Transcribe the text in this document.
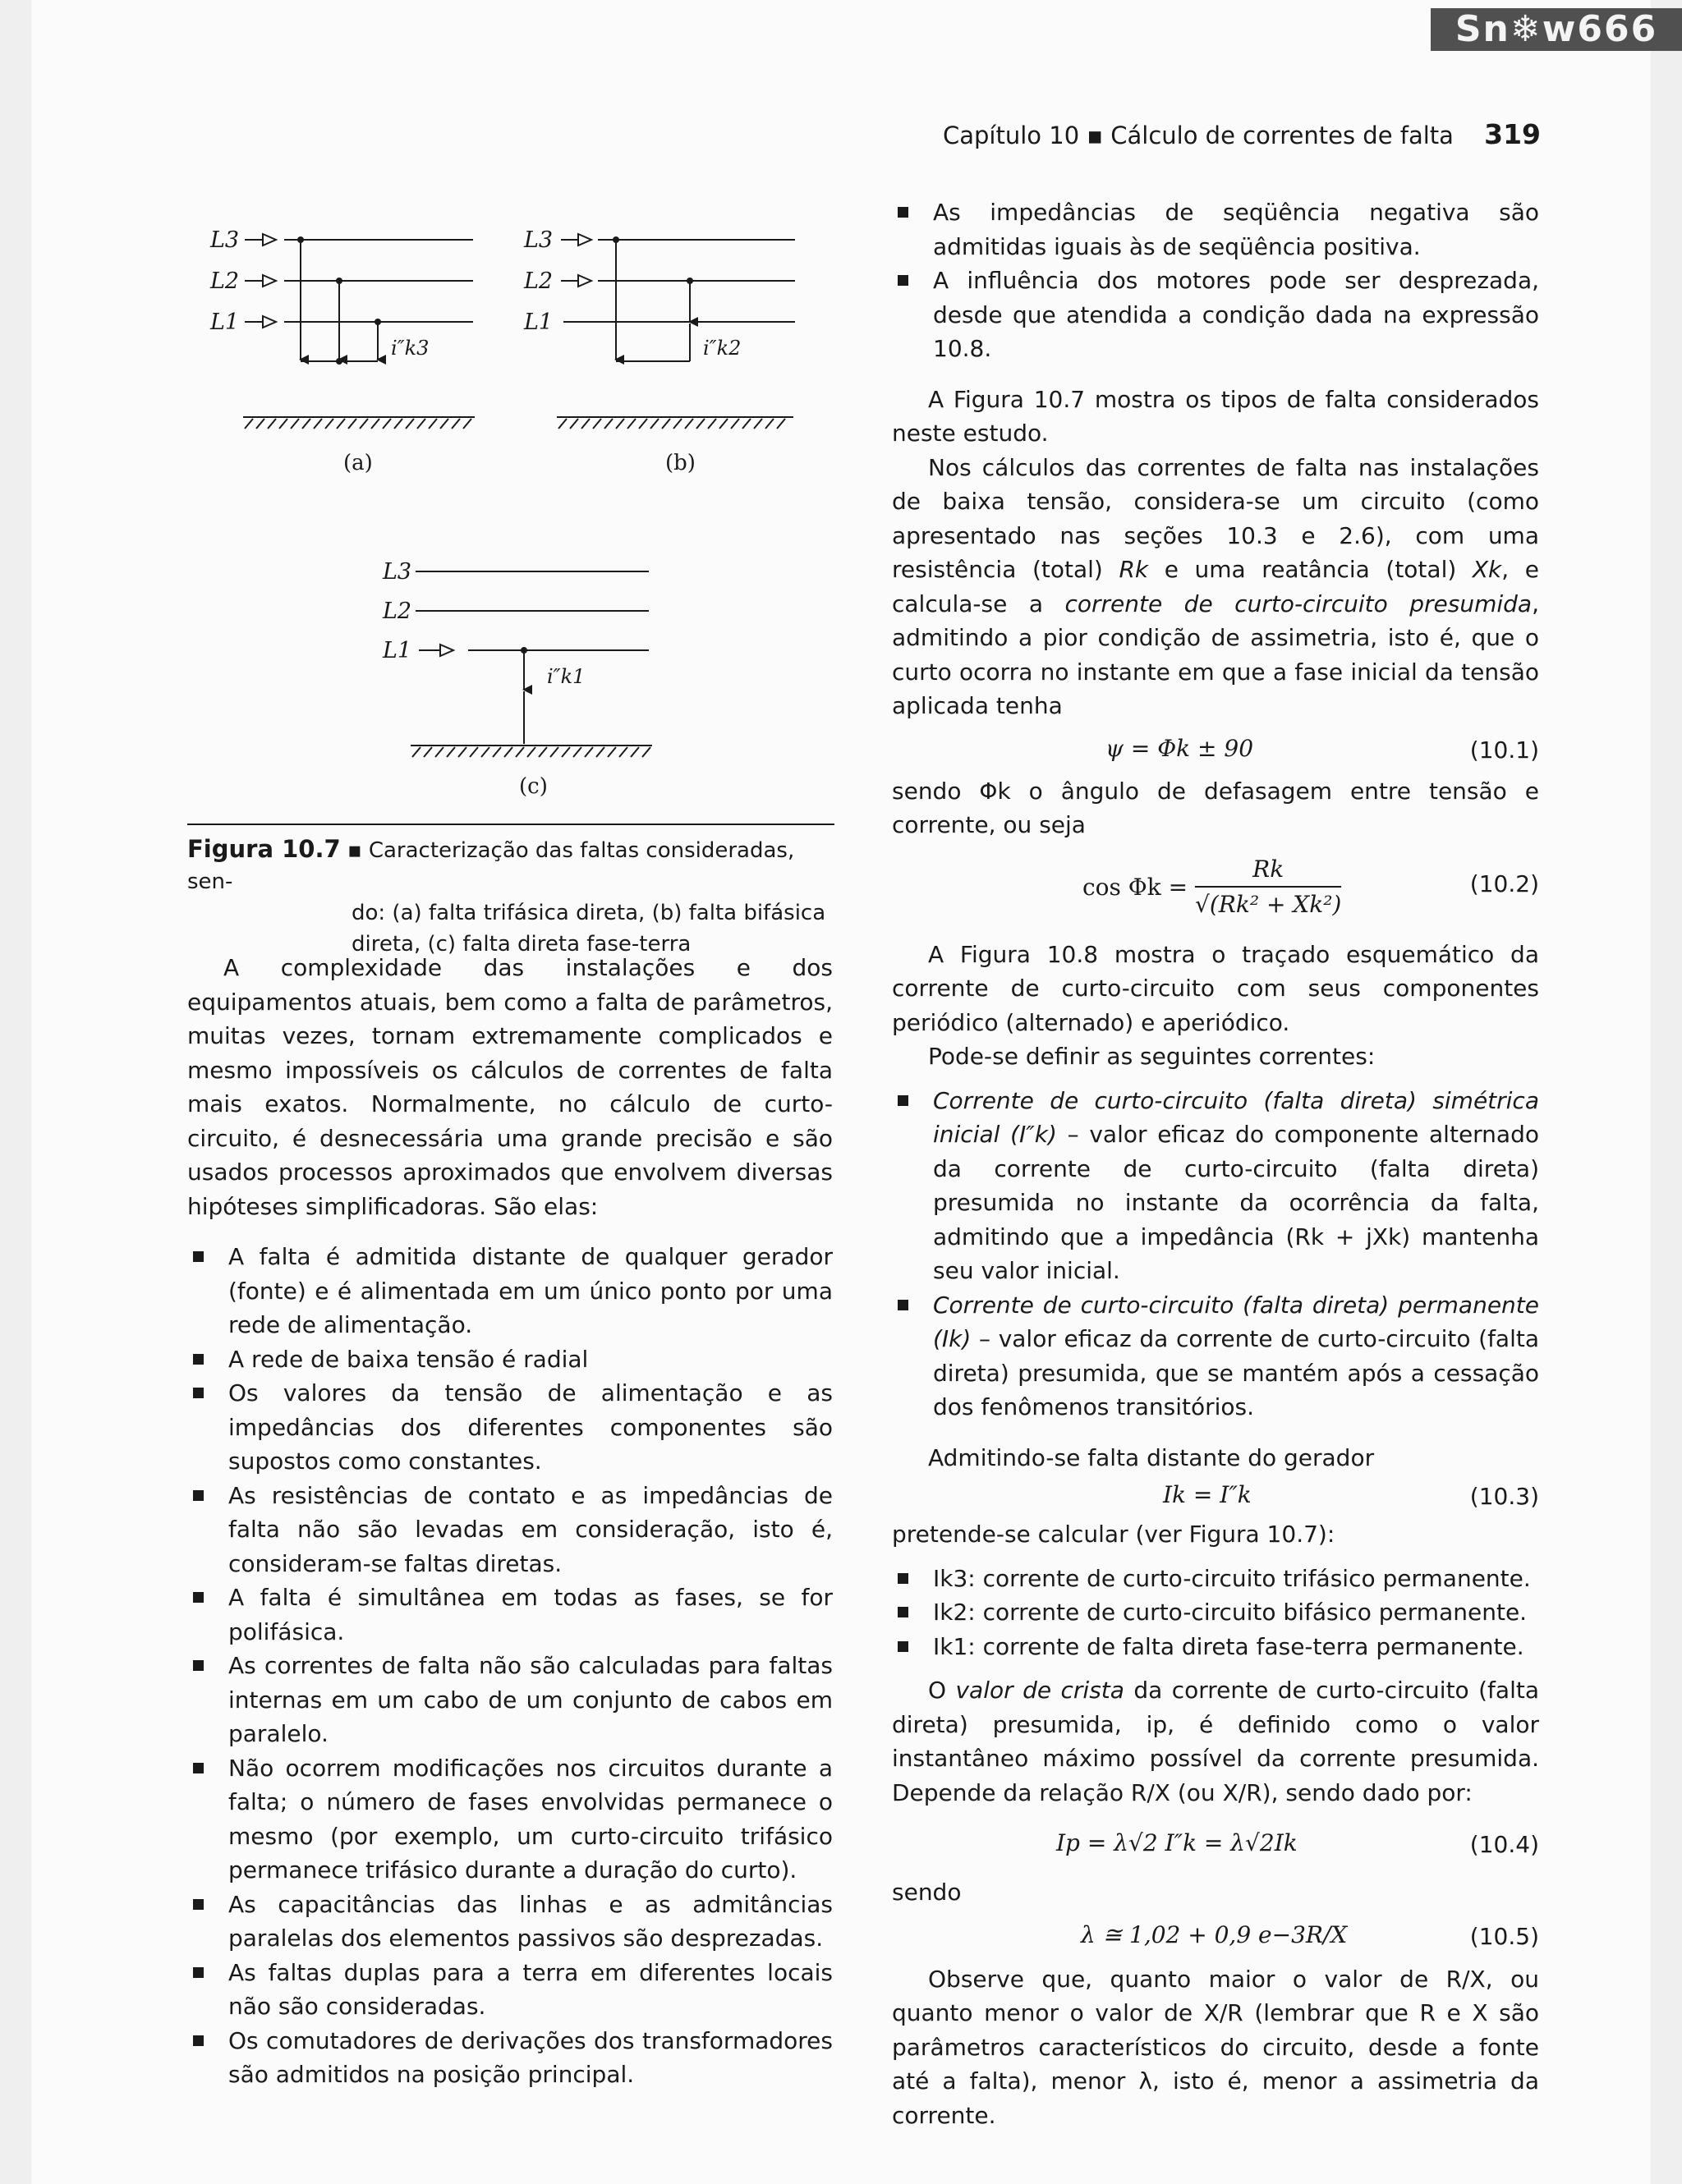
Sn❄w666
Capítulo 10 ▪ Cálculo de correntes de falta 319
L3
L2
L1
i″k3
L3
L2
L1
i″k2
L3
L2
L1
i″k1
(a)	(b)
(c)
Figura 10.7 ▪ Caracterização das faltas consideradas, sen-
do: (a) falta trifásica direta, (b) falta bifásica direta, (c) falta direta fase-terra

A complexidade das instalações e dos equipamentos atuais, bem como a falta de parâmetros, muitas vezes, tornam extremamente complicados e mesmo impossíveis os cálculos de correntes de falta mais exatos. Normalmente, no cálculo de curto-circuito, é desnecessária uma grande precisão e são usados processos aproximados que envolvem diversas hipóteses simplificadoras. São elas:

A falta é admitida distante de qualquer gerador (fonte) e é alimentada em um único ponto por uma rede de alimentação.
A rede de baixa tensão é radial
Os valores da tensão de alimentação e as impedâncias dos diferentes componentes são supostos como constantes.
As resistências de contato e as impedâncias de falta não são levadas em consideração, isto é, consideram-se faltas diretas.
A falta é simultânea em todas as fases, se for polifásica.
As correntes de falta não são calculadas para faltas internas em um cabo de um conjunto de cabos em paralelo.
Não ocorrem modificações nos circuitos durante a falta; o número de fases envolvidas permanece o mesmo (por exemplo, um curto-circuito trifásico permanece trifásico durante a duração do curto).
As capacitâncias das linhas e as admitâncias paralelas dos elementos passivos são desprezadas.
As faltas duplas para a terra em diferentes locais não são consideradas.
Os comutadores de derivações dos transformadores são admitidos na posição principal.
As impedâncias de seqüência negativa são admitidas iguais às de seqüência positiva.
A influência dos motores pode ser desprezada, desde que atendida a condição dada na expressão 10.8.

A Figura 10.7 mostra os tipos de falta considerados neste estudo.

Nos cálculos das correntes de falta nas instalações de baixa tensão, considera-se um circuito (como apresentado nas seções 10.3 e 2.6), com uma resistência (total) Rk e uma reatância (total) Xk, e calcula-se a corrente de curto-circuito presumida, admitindo a pior condição de assimetria, isto é, que o curto ocorra no instante em que a fase inicial da tensão aplicada tenha

ψ = Φk ± 90	(10.1)

sendo Φk o ângulo de defasagem entre tensão e corrente, ou seja

$\cos \Phi k = \frac{Rk}{\text{√(Rk² + Xk²)}}$	(10.2)

A Figura 10.8 mostra o traçado esquemático da corrente de curto-circuito com seus componentes periódico (alternado) e aperiódico.

Pode-se definir as seguintes correntes:

Corrente de curto-circuito (falta direta) simétrica inicial (I″k) – valor eficaz do componente alternado da corrente de curto-circuito (falta direta) presumida no instante da ocorrência da falta, admitindo que a impedância (Rk + jXk) mantenha seu valor inicial.
Corrente de curto-circuito (falta direta) permanente (Ik) – valor eficaz da corrente de curto-circuito (falta direta) presumida, que se mantém após a cessação dos fenômenos transitórios.

Admitindo-se falta distante do gerador

Ik = I″k	(10.3)

pretende-se calcular (ver Figura 10.7):

Ik3: corrente de curto-circuito trifásico permanente.
Ik2: corrente de curto-circuito bifásico permanente.
Ik1: corrente de falta direta fase-terra permanente.

O valor de crista da corrente de curto-circuito (falta direta) presumida, ip, é definido como o valor instantâneo máximo possível da corrente presumida. Depende da relação R/X (ou X/R), sendo dado por:

Ip = λ√2 I″k = λ√2Ik	(10.4)

sendo

λ ≅ 1,02 + 0,9 e−3R/X	(10.5)

Observe que, quanto maior o valor de R/X, ou quanto menor o valor de X/R (lembrar que R e X são parâmetros característicos do circuito, desde a fonte até a falta), menor λ, isto é, menor a assimetria da corrente.
